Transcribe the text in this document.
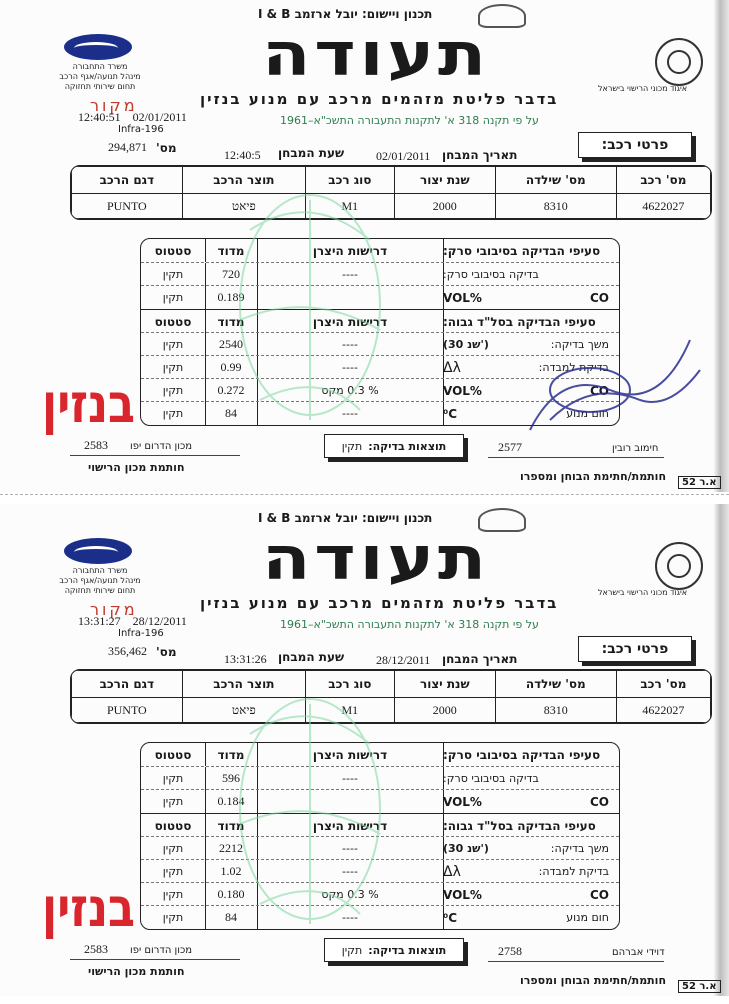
תכנון ויישום: יובל ארזמב I & B
תעודה
בדבר פליטת מזהמים מרכב עם מנוע בנזין
על פי תקנה 318 א' לתקנות התעבורה התשכ"א–1961
משרד התחבורה
מינהל תנועה/אגף הרכב
תחום שירותי תחזוקה	איגוד מכוני הרישוי בישראל
מקור
12:40:51 02/01/2011
Infra-196
294,871 מס'	פרטי רכב:
תאריך המבחן
02/01/2011
שעת המבחן
12:40:5
מס' רכב	מס' שילדה	שנת יצור	סוג רכב	תוצר הרכב	דגם הרכב
4622027	8310	2000	M1	פיאט	PUNTO
סטטוס	מדוד	דרישות היצרן	סעיפי הבדיקה בסיבובי סרק:
תקין	720	----	בדיקה בסיבובי סרק:
תקין	0.189	VOL%	CO
סטטוס	מדוד	דרישות היצרן	סעיפי הבדיקה בסל"ד גבוה:
תקין	2540	----	(30 שנ')	משך בדיקה:
תקין	0.99	----	Δλ	בדיקת למבדה:
תקין	0.272	% 0.3 מקס	VOL%	CO
תקין	84	----	⁰C	חום מנוע
בנזין
תוצאות בדיקה:
תקין
מכון הדרום יפו
2583
חותמת מכון הרישוי
חימוב רובין
2577
חותמת/חתימת הבוחן ומספרו	א.ר 52
תכנון ויישום: יובל ארזמב I & B
תעודה
בדבר פליטת מזהמים מרכב עם מנוע בנזין
על פי תקנה 318 א' לתקנות התעבורה התשכ"א–1961
משרד התחבורה
מינהל תנועה/אגף הרכב
תחום שירותי תחזוקה	איגוד מכוני הרישוי בישראל
מקור
13:31:27 28/12/2011
Infra-196
356,462 מס'	פרטי רכב:
תאריך המבחן
28/12/2011
שעת המבחן
13:31:26
מס' רכב	מס' שילדה	שנת יצור	סוג רכב	תוצר הרכב	דגם הרכב
4622027	8310	2000	M1	פיאט	PUNTO
סטטוס	מדוד	דרישות היצרן	סעיפי הבדיקה בסיבובי סרק:
תקין	596	----	בדיקה בסיבובי סרק:
תקין	0.184	VOL%	CO
סטטוס	מדוד	דרישות היצרן	סעיפי הבדיקה בסל"ד גבוה:
תקין	2212	----	(30 שנ')	משך בדיקה:
תקין	1.02	----	Δλ	בדיקת למבדה:
תקין	0.180	% 0.3 מקס	VOL%	CO
תקין	84	----	⁰C	חום מנוע
בנזין
תוצאות בדיקה:
תקין
מכון הדרום יפו
2583
חותמת מכון הרישוי
דוידי אברהם
2758
חותמת/חתימת הבוחן ומספרו	א.ר 52
